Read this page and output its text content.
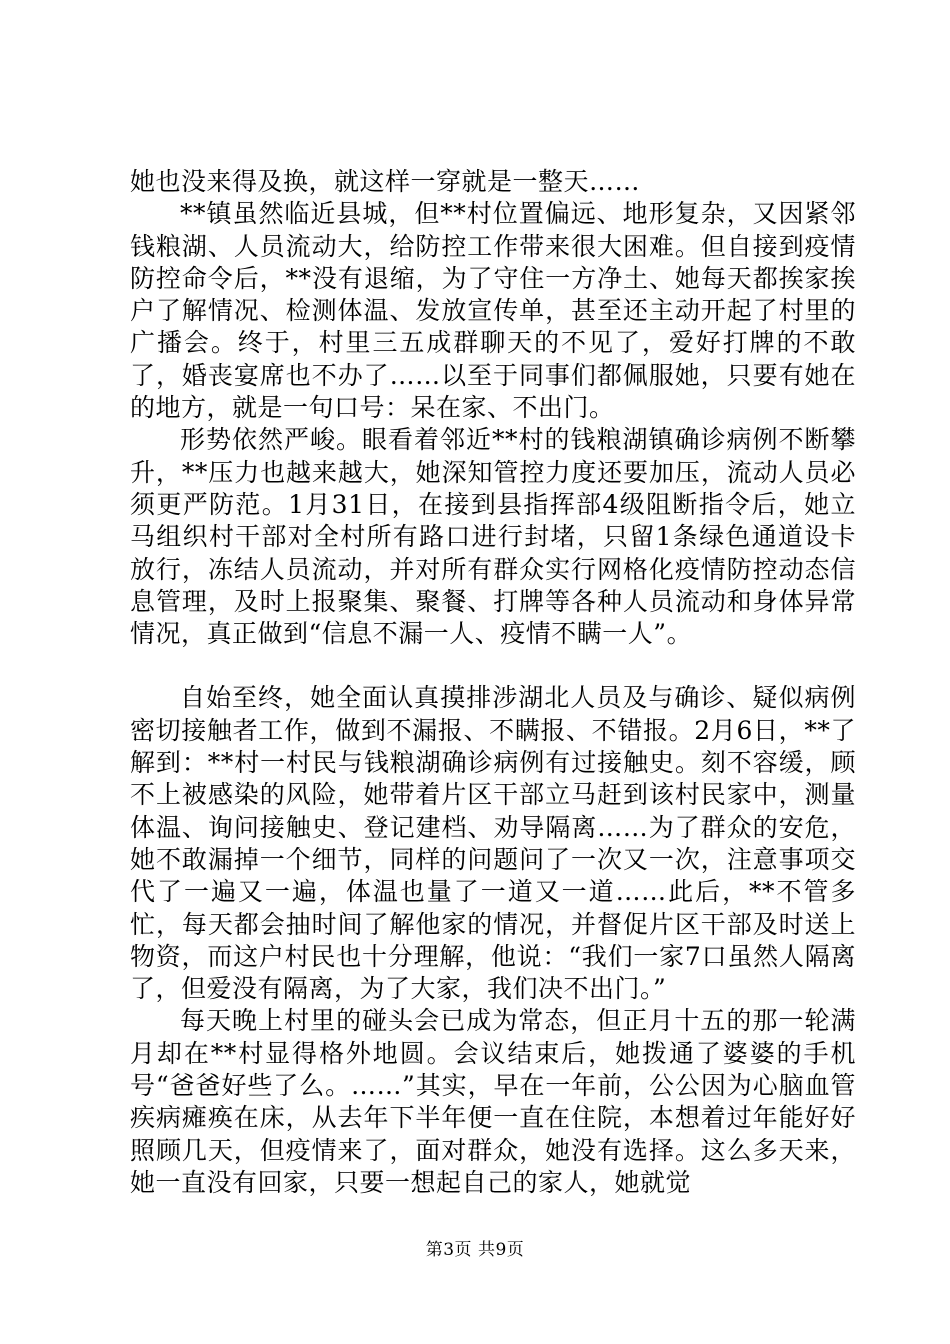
她也没来得及换，就这样一穿就是一整天……

**镇虽然临近县城，但**村位置偏远、地形复杂，又因紧邻钱粮湖、人员流动大，给防控工作带来很大困难。但自接到疫情防控命令后，**没有退缩，为了守住一方净土、她每天都挨家挨户了解情况、检测体温、发放宣传单，甚至还主动开起了村里的广播会。终于，村里三五成群聊天的不见了，爱好打牌的不敢了，婚丧宴席也不办了……以至于同事们都佩服她，只要有她在的地方，就是一句口号：呆在家、不出门。

形势依然严峻。眼看着邻近**村的钱粮湖镇确诊病例不断攀升，**压力也越来越大，她深知管控力度还要加压，流动人员必须更严防范。1月31日，在接到县指挥部4级阻断指令后，她立马组织村干部对全村所有路口进行封堵，只留1条绿色通道设卡放行，冻结人员流动，并对所有群众实行网格化疫情防控动态信息管理，及时上报聚集、聚餐、打牌等各种人员流动和身体异常情况，真正做到“信息不漏一人、疫情不瞒一人”。

自始至终，她全面认真摸排涉湖北人员及与确诊、疑似病例密切接触者工作，做到不漏报、不瞒报、不错报。2月6日，**了解到：**村一村民与钱粮湖确诊病例有过接触史。刻不容缓，顾不上被感染的风险，她带着片区干部立马赶到该村民家中，测量体温、询问接触史、登记建档、劝导隔离……为了群众的安危，她不敢漏掉一个细节，同样的问题问了一次又一次，注意事项交代了一遍又一遍，体温也量了一道又一道……此后，**不管多忙，每天都会抽时间了解他家的情况，并督促片区干部及时送上物资，而这户村民也十分理解，他说：“我们一家7口虽然人隔离了，但爱没有隔离，为了大家，我们决不出门。”

每天晚上村里的碰头会已成为常态，但正月十五的那一轮满月却在**村显得格外地圆。会议结束后，她拨通了婆婆的手机号“爸爸好些了么。……”其实，早在一年前，公公因为心脑血管疾病瘫痪在床，从去年下半年便一直在住院，本想着过年能好好照顾几天，但疫情来了，面对群众，她没有选择。这么多天来，她一直没有回家，只要一想起自己的家人，她就觉

第3页 共9页
